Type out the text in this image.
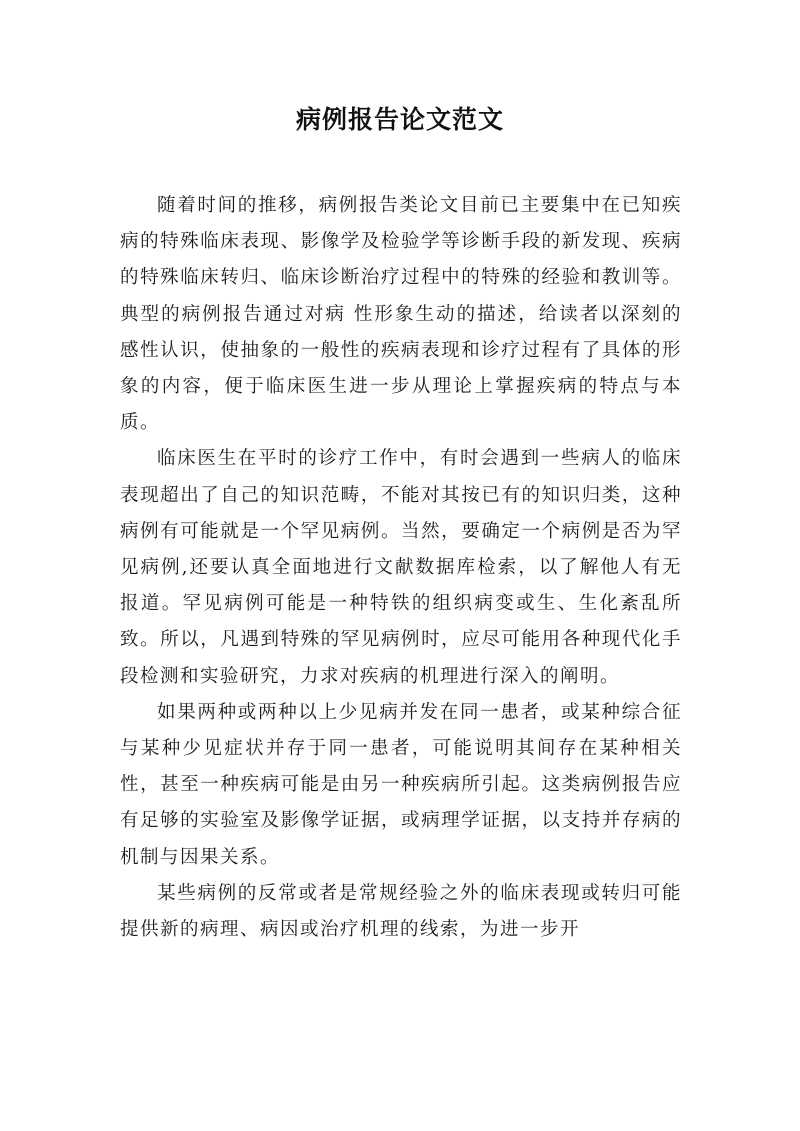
病例报告论文范文

随着时间的推移，病例报告类论文目前已主要集中在已知疾病的特殊临床表现、影像学及检验学等诊断手段的新发现、疾病的特殊临床转归、临床诊断治疗过程中的特殊的经验和教训等。典型的病例报告通过对病 性形象生动的描述，给读者以深刻的感性认识，使抽象的一般性的疾病表现和诊疗过程有了具体的形象的内容，便于临床医生进一步从理论上掌握疾病的特点与本质。

临床医生在平时的诊疗工作中，有时会遇到一些病人的临床表现超出了自己的知识范畴，不能对其按已有的知识归类，这种病例有可能就是一个罕见病例。当然，要确定一个病例是否为罕见病例,还要认真全面地进行文献数据库检索，以了解他人有无报道。罕见病例可能是一种特铁的组织病变或生、生化紊乱所致。所以，凡遇到特殊的罕见病例时，应尽可能用各种现代化手段检测和实验研究，力求对疾病的机理进行深入的阐明。

如果两种或两种以上少见病并发在同一患者，或某种综合征与某种少见症状并存于同一患者，可能说明其间存在某种相关性，甚至一种疾病可能是由另一种疾病所引起。这类病例报告应有足够的实验室及影像学证据，或病理学证据，以支持并存病的机制与因果关系。

某些病例的反常或者是常规经验之外的临床表现或转归可能提供新的病理、病因或治疗机理的线索，为进一步开
